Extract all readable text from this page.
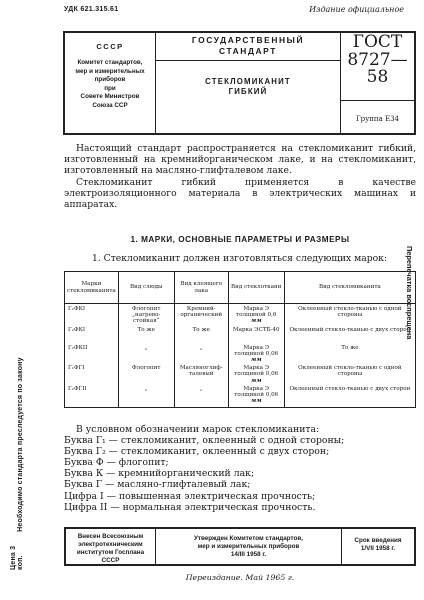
УДК 621.315.61	Издание официальное
СССР
Комитет стандартов,
мер и измерительных
приборов
при
Совете Министров
Союза ССР
ГОСУДАРСТВЕННЫЙ
СТАНДАРТ
СТЕКЛОМИКАНИТ
ГИБКИЙ
ГОСТ
8727—58
Группа Е34
Цена 3 коп. Необходимо стандарта преследуется по закону
Перепечатка воспрещена
Настоящий стандарт распространяется на стекломиканит гибкий, изготовленный на кремнийорганическом лаке, и на стекломиканит, изготовленный на масляно-глифталевом лаке.
Стекломиканит гибкий применяется в качестве электроизоляционного материала в электрических машинах и аппаратах.
1. МАРКИ, ОСНОВНЫЕ ПАРАМЕТРЫ И РАЗМЕРЫ
1. Стекломиканит должен изготовляться следующих марок:
Марки стекломиканита	Вид слюды	Вид клеящего лака	Вид стеклоткани	Вид стекломиканита
Г₁ФКI	Флогопит „нагрево-стойкая“	Кремний-органический	Марка Э толщиной 0,6 мм	Оклеенный стекло-тканью с одной стороны
Г₂ФКI	То же	То же	Марка ЭСТБ-40	Оклеенный стекло-тканью с двух сторон
Г₂ФКII	„	„	Марка Э толщиной 0,06 мм	То же
Г₁ФГI	Флогопит	Масляноглиф-талевый	Марка Э толщиной 0,06 мм	Оклеенный стекло-тканью с одной стороны
Г₂ФГII	„	„	Марка Э толщиной 0,06 мм	Оклеенный стекло-тканью с двух сторон
В условном обозначении марок стекломиканита:
Буква Г₁ — стекломиканит, оклеенный с одной стороны;
Буква Г₂ — стекломиканит, оклеенный с двух сторон;
Буква Ф — флогопит;
Буква К — кремнийорганический лак;
Буква Г — масляно-глифталевый лак;
Цифра I — повышенная электрическая прочность;
Цифра II — нормальная электрическая прочность.
Внесен Всесоюзным
электротехническим
институтом Госплана
СССР
Утвержден Комитетом стандартов,
мер и измерительных приборов
14/III 1958 г.
Срок введения
1/VII 1958 г.
Переиздание. Май 1965 г.
